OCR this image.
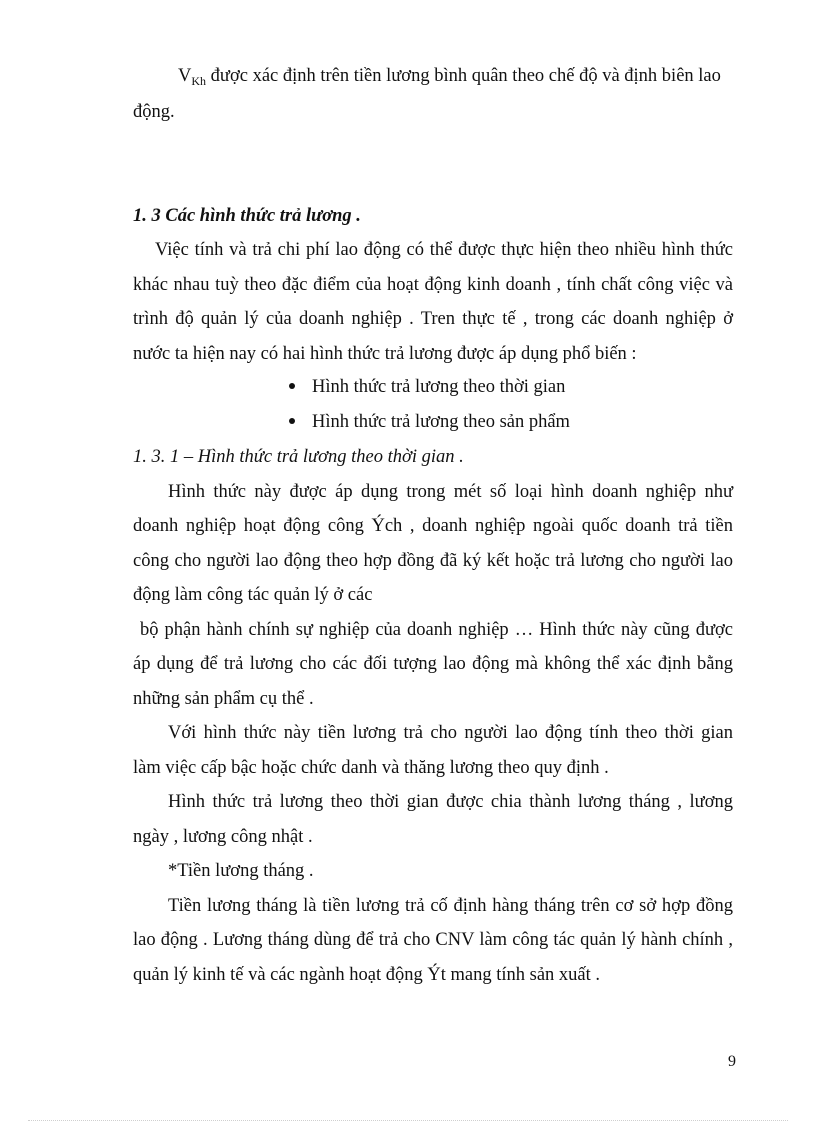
$V_{Kh}$ được xác định trên tiền lương bình quân theo chế độ và định biên lao
động.
1. 3 Các hình thức trả lương .
Việc tính và trả chi phí lao động có thể được thực hiện theo nhiều hình thức
khác nhau tuỳ theo đặc điểm của hoạt động kinh doanh , tính chất công việc và
trình độ quản lý của doanh nghiệp . Tren thực tế , trong các doanh nghiệp ở
nước ta hiện nay có hai hình thức trả lương được áp dụng phổ biến :
Hình thức trả lương theo thời gian
Hình thức trả lương theo sản phẩm
1. 3. 1 – Hình thức trả lương theo thời gian .
Hình thức này được áp dụng trong mét số loại hình doanh nghiệp như
doanh nghiệp hoạt động công Ých , doanh nghiệp ngoài quốc doanh trả tiền
công cho người lao động theo hợp đồng đã ký kết hoặc trả lương cho người lao
động làm công tác quản lý ở các
bộ phận hành chính sự nghiệp của doanh nghiệp … Hình thức này cũng được
áp dụng để trả lương cho các đối tượng lao động mà không thể xác định bằng
những sản phẩm cụ thể .
Với hình thức này tiền lương trả cho người lao động tính theo thời gian
làm việc cấp bậc hoặc chức danh và thăng lương theo quy định .
Hình thức trả lương theo thời gian được chia thành lương tháng , lương
ngày , lương công nhật .
*Tiền lương tháng .
Tiền lương tháng là tiền lương trả cố định hàng tháng trên cơ sở hợp đồng
lao động . Lương tháng dùng để trả cho CNV làm công tác quản lý hành chính ,
quản lý kinh tế và các ngành hoạt động Ýt mang tính sản xuất .
9
